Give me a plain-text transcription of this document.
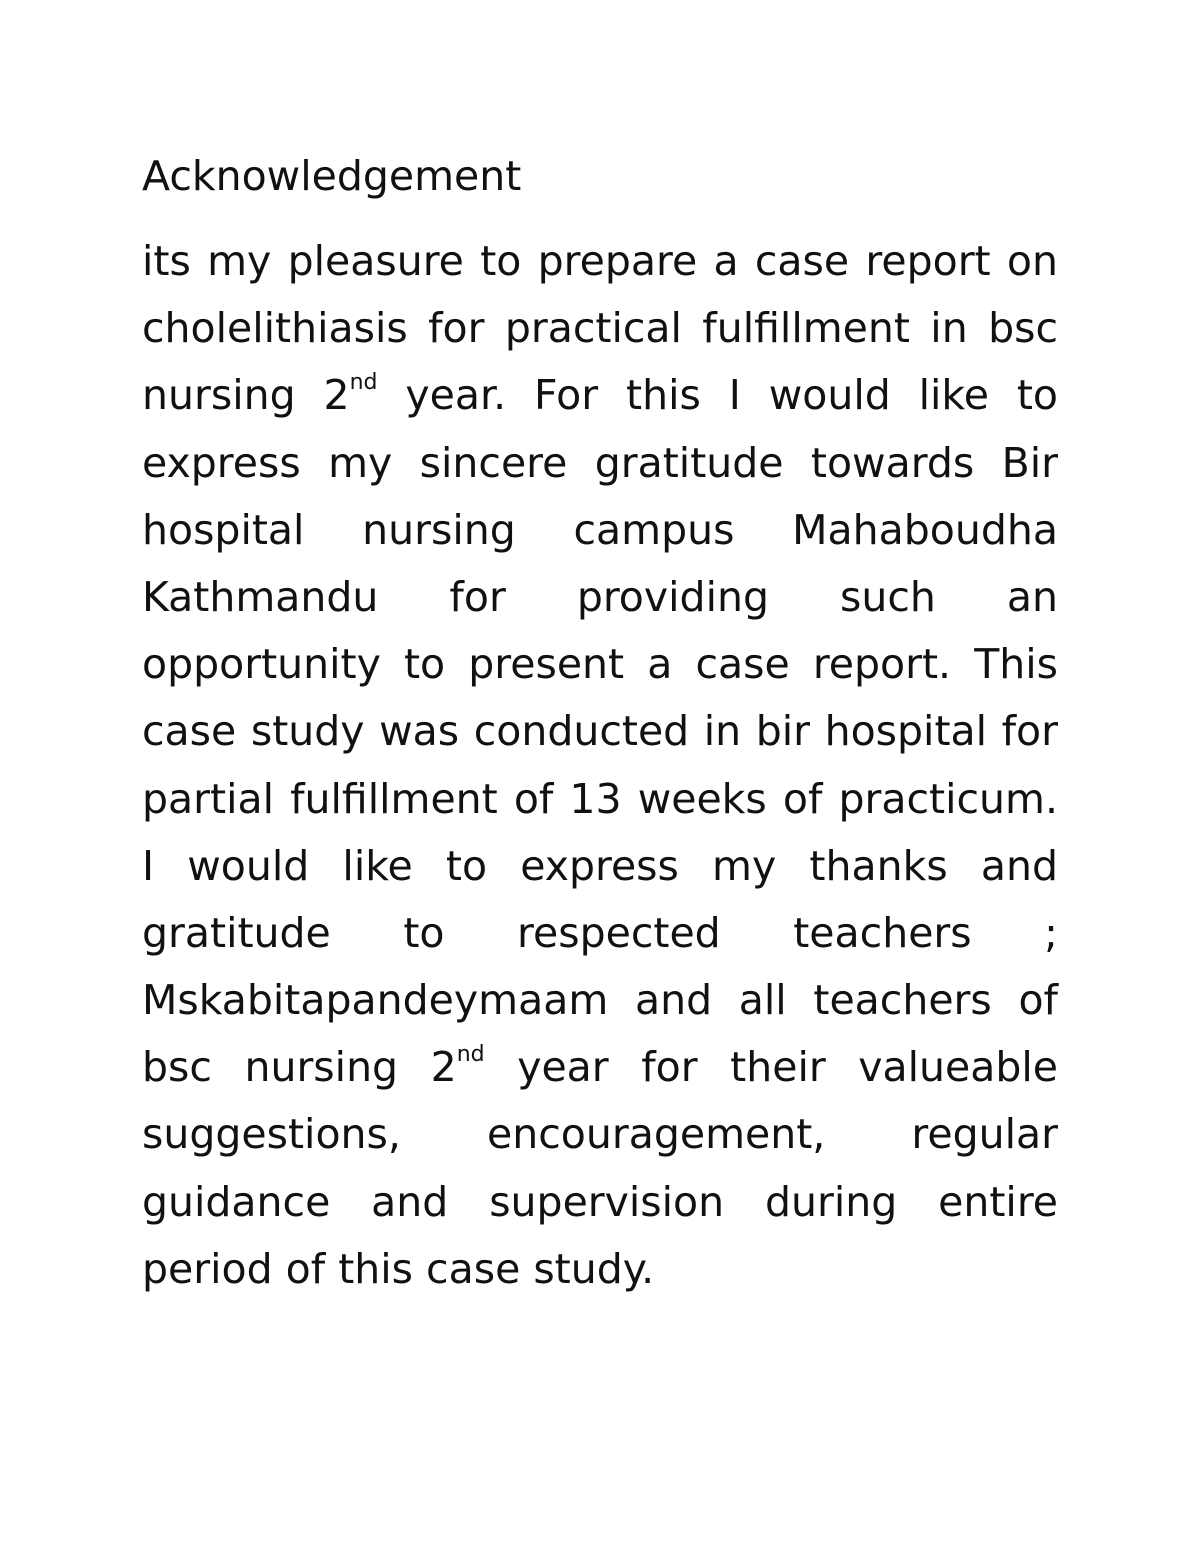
Acknowledgement
its my pleasure to prepare a case report on
cholelithiasis for practical fulfillment in bsc
nursing 2nd year. For this I would like to
express my sincere gratitude towards Bir
hospital nursing campus Mahaboudha
Kathmandu for providing such an
opportunity to present a case report. This
case study was conducted in bir hospital for
partial fulfillment of 13 weeks of practicum.
I would like to express my thanks and
gratitude to respected teachers ;
Mskabitapandeymaam and all teachers of
bsc nursing 2nd year for their valueable
suggestions, encouragement, regular
guidance and supervision during entire
period of this case study.
